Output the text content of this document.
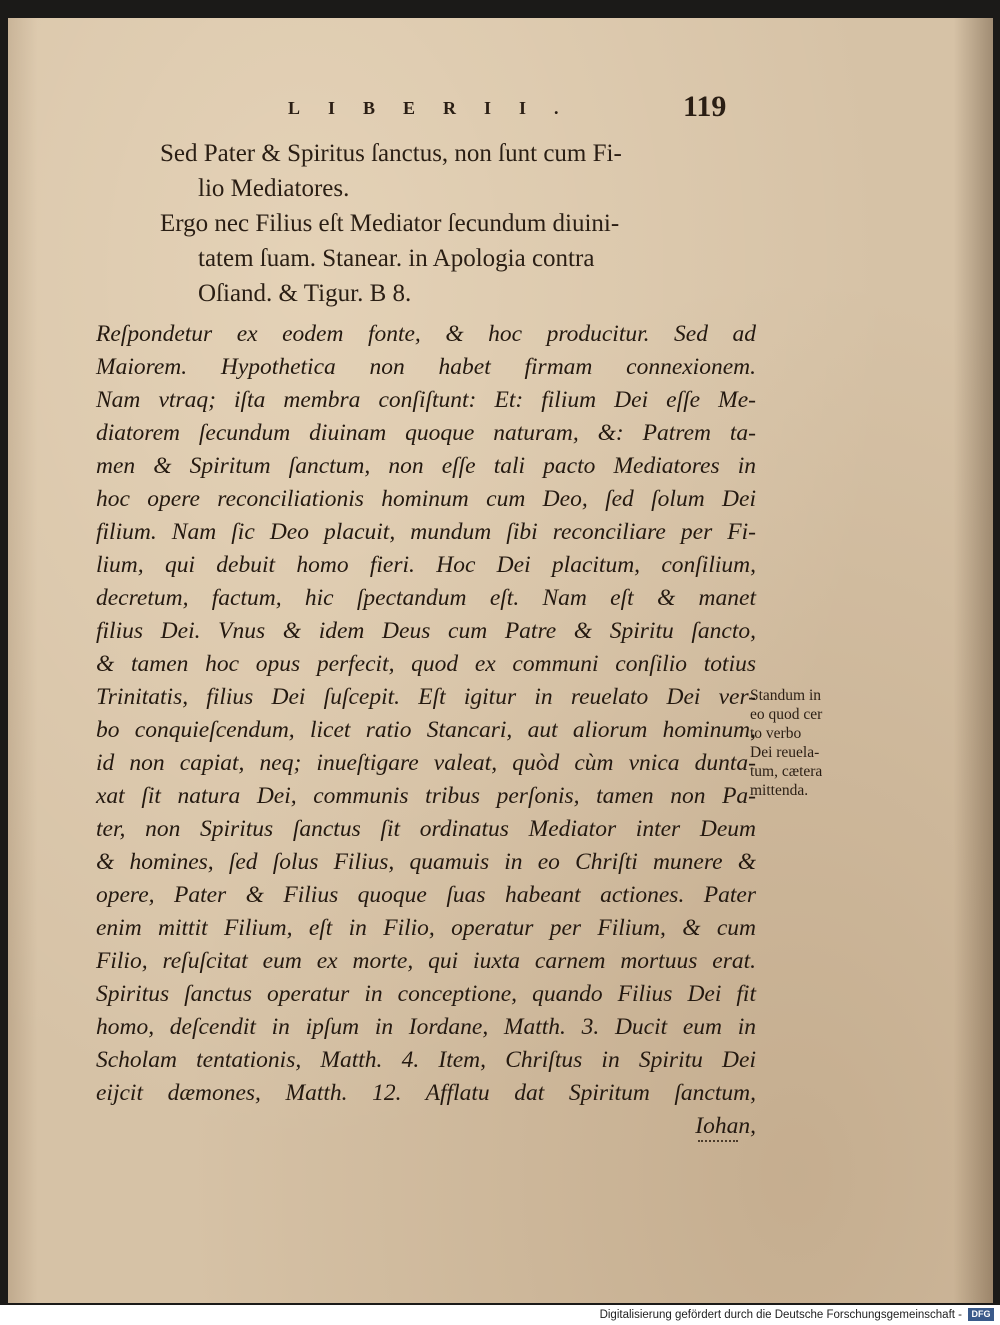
LIBERII.	119

Sed Pater & Spiritus ſanctus, non ſunt cum Fi-
lio Mediatores.

Ergo nec Filius eſt Mediator ſecundum diuini-
tatem ſuam. Stanear. in Apologia contra
Oſiand. & Tigur. B 8.

Reſpondetur ex eodem fonte, & hoc producitur. Sed ad
Maiorem. Hypothetica non habet firmam connexionem.
Nam vtraq; iſta membra conſiſtunt: Et: filium Dei eſſe Me-
diatorem ſecundum diuinam quoque naturam, &: Patrem ta-
men & Spiritum ſanctum, non eſſe tali pacto Mediatores in
hoc opere reconciliationis hominum cum Deo, ſed ſolum Dei
filium. Nam ſic Deo placuit, mundum ſibi reconciliare per Fi-
lium, qui debuit homo fieri. Hoc Dei placitum, conſilium,
decretum, factum, hic ſpectandum eſt. Nam eſt & manet
filius Dei. Vnus & idem Deus cum Patre & Spiritu ſancto,
& tamen hoc opus perfecit, quod ex communi conſilio totius
Trinitatis, filius Dei ſuſcepit. Eſt igitur in reuelato Dei ver-
bo conquieſcendum, licet ratio Stancari, aut aliorum hominum,
id non capiat, neq; inueſtigare valeat, quòd cùm vnica dunta-
xat ſit natura Dei, communis tribus perſonis, tamen non Pa-
ter, non Spiritus ſanctus ſit ordinatus Mediator inter Deum
& homines, ſed ſolus Filius, quamuis in eo Chriſti munere &
opere, Pater & Filius quoque ſuas habeant actiones. Pater
enim mittit Filium, eſt in Filio, operatur per Filium, & cum
Filio, reſuſcitat eum ex morte, qui iuxta carnem mortuus erat.
Spiritus ſanctus operatur in conceptione, quando Filius Dei fit
homo, deſcendit in ipſum in Iordane, Matth. 3. Ducit eum in
Scholam tentationis, Matth. 4. Item, Chriſtus in Spiritu Dei
eijcit dæmones, Matth. 12. Afflatu dat Spiritum ſanctum,
Iohan,
Standum in
eo quod cer
to verbo
Dei reuela-
tum, cætera
mittenda.
Digitalisierung gefördert durch die Deutsche Forschungsgemeinschaft -	DFG
